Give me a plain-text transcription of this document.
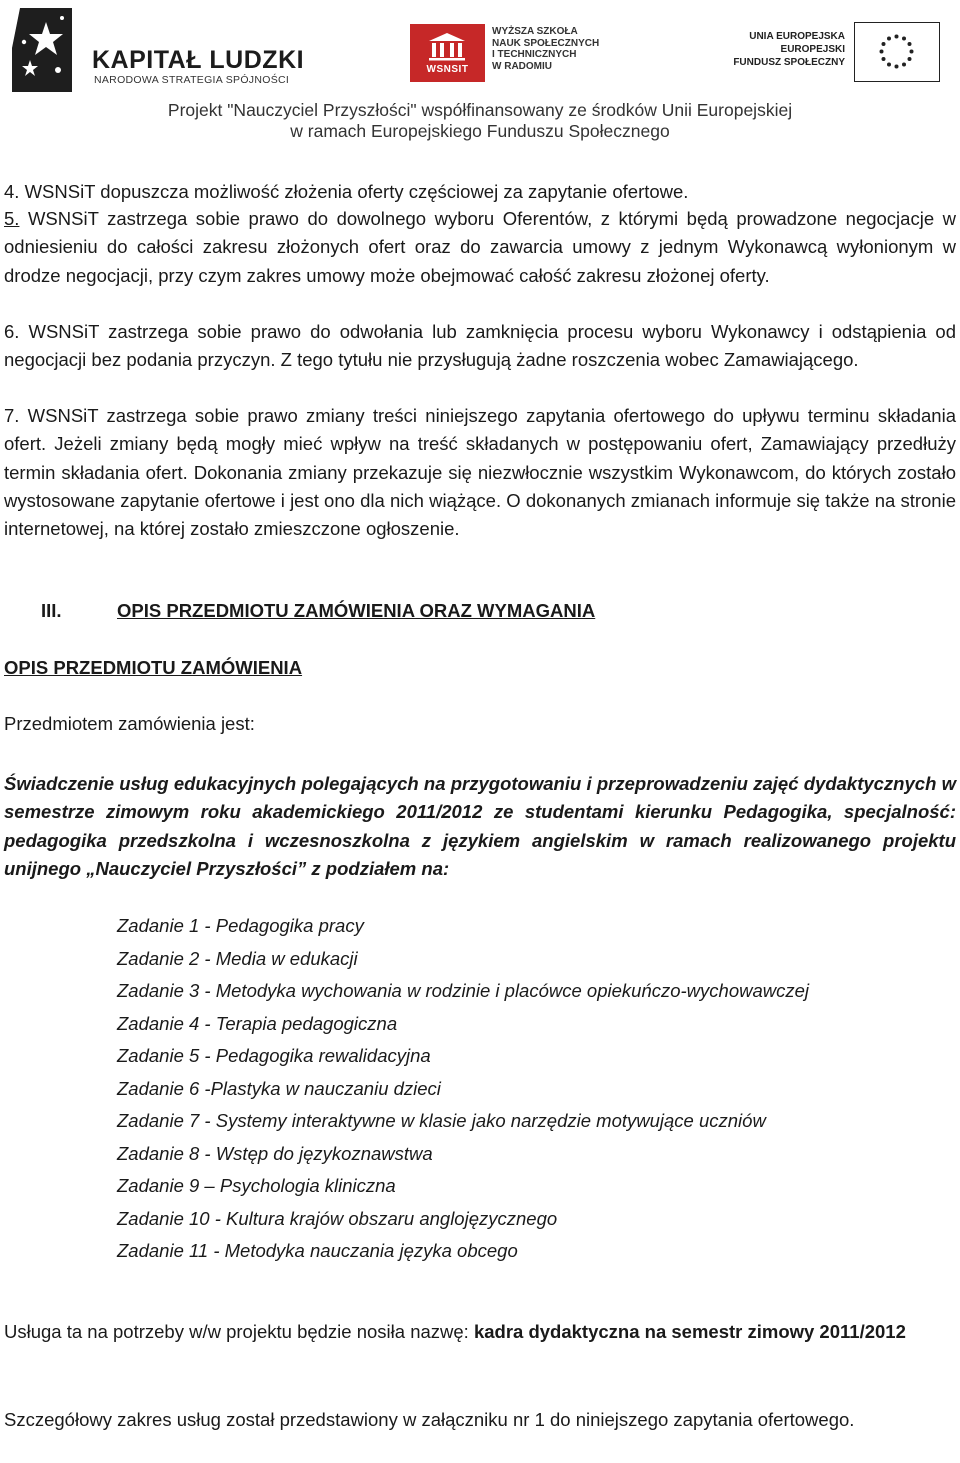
KAPITAŁ LUDZKI
NARODOWA STRATEGIA SPÓJNOŚCI
WSNSIT
WYŻSZA SZKOŁA
NAUK SPOŁECZNYCH
I TECHNICZNYCH
W RADOMIU
UNIA EUROPEJSKA
EUROPEJSKI
FUNDUSZ SPOŁECZNY
Projekt "Nauczyciel Przyszłości" współfinansowany ze środków Unii Europejskiej
w ramach Europejskiego Funduszu Społecznego
4. WSNSiT dopuszcza możliwość złożenia oferty częściowej za zapytanie ofertowe.
5. WSNSiT zastrzega sobie prawo do dowolnego wyboru Oferentów, z którymi będą prowadzone negocjacje w odniesieniu do całości zakresu złożonych ofert oraz do zawarcia umowy z jednym Wykonawcą wyłonionym w drodze negocjacji, przy czym zakres umowy może obejmować całość zakresu złożonej oferty.
6. WSNSiT zastrzega sobie prawo do odwołania lub zamknięcia procesu wyboru Wykonawcy i odstąpienia od negocjacji bez podania przyczyn. Z tego tytułu nie przysługują żadne roszczenia wobec Zamawiającego.
7. WSNSiT zastrzega sobie prawo zmiany treści niniejszego zapytania ofertowego do upływu terminu składania ofert. Jeżeli zmiany będą mogły mieć wpływ na treść składanych w postępowaniu ofert, Zamawiający przedłuży termin składania ofert. Dokonania zmiany przekazuje się niezwłocznie wszystkim Wykonawcom, do których zostało wystosowane zapytanie ofertowe i jest ono dla nich wiążące. O dokonanych zmianach informuje się także na stronie internetowej, na której zostało zmieszczone ogłoszenie.
III.	OPIS PRZEDMIOTU ZAMÓWIENIA ORAZ WYMAGANIA
OPIS PRZEDMIOTU ZAMÓWIENIA
Przedmiotem zamówienia jest:
Świadczenie usług edukacyjnych polegających na przygotowaniu i przeprowadzeniu zajęć dydaktycznych w semestrze zimowym roku akademickiego 2011/2012 ze studentami kierunku Pedagogika, specjalność: pedagogika przedszkolna i wczesnoszkolna z językiem angielskim w ramach realizowanego projektu unijnego „Nauczyciel Przyszłości” z podziałem na:
Zadanie 1 - Pedagogika pracy
Zadanie 2 - Media w edukacji
Zadanie 3 - Metodyka wychowania w rodzinie i placówce opiekuńczo-wychowawczej
Zadanie 4 - Terapia pedagogiczna
Zadanie 5 - Pedagogika rewalidacyjna
Zadanie 6 -Plastyka w nauczaniu dzieci
Zadanie 7 - Systemy interaktywne w klasie jako narzędzie motywujące uczniów
Zadanie 8 - Wstęp do językoznawstwa
Zadanie 9 – Psychologia kliniczna
Zadanie 10 - Kultura krajów obszaru anglojęzycznego
Zadanie 11 - Metodyka nauczania języka obcego
Usługa ta na potrzeby w/w projektu będzie nosiła nazwę: kadra dydaktyczna na semestr zimowy 2011/2012
Szczegółowy zakres usług został przedstawiony w załączniku nr 1 do niniejszego zapytania ofertowego.
